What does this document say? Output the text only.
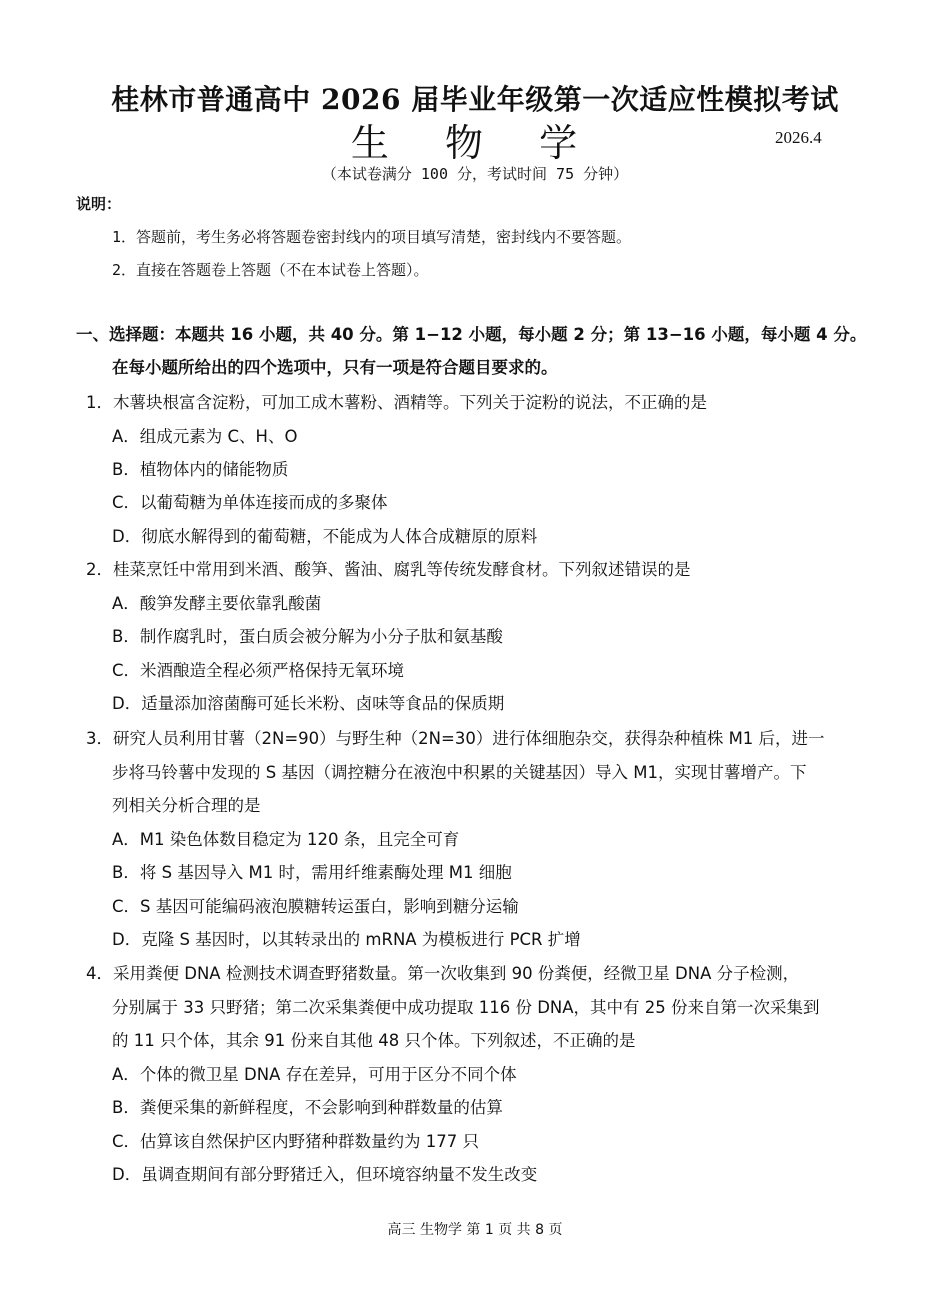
桂林市普通高中 2026 届毕业年级第一次适应性模拟考试
生 物 学	2026.4
（本试卷满分 100 分，考试时间 75 分钟）
说明：
1．答题前，考生务必将答题卷密封线内的项目填写清楚，密封线内不要答题。
2．直接在答题卷上答题（不在本试卷上答题）。
一、选择题：本题共 16 小题，共 40 分。第 1−12 小题，每小题 2 分；第 13−16 小题，每小题 4 分。
在每小题所给出的四个选项中，只有一项是符合题目要求的。
1．木薯块根富含淀粉，可加工成木薯粉、酒精等。下列关于淀粉的说法，不正确的是
A．组成元素为 C、H、O
B．植物体内的储能物质
C．以葡萄糖为单体连接而成的多聚体
D．彻底水解得到的葡萄糖，不能成为人体合成糖原的原料
2．桂菜烹饪中常用到米酒、酸笋、酱油、腐乳等传统发酵食材。下列叙述错误的是
A．酸笋发酵主要依靠乳酸菌
B．制作腐乳时，蛋白质会被分解为小分子肽和氨基酸
C．米酒酿造全程必须严格保持无氧环境
D．适量添加溶菌酶可延长米粉、卤味等食品的保质期
3．研究人员利用甘薯（2N=90）与野生种（2N=30）进行体细胞杂交，获得杂种植株 M1 后，进一
步将马铃薯中发现的 S 基因（调控糖分在液泡中积累的关键基因）导入 M1，实现甘薯增产。下
列相关分析合理的是
A．M1 染色体数目稳定为 120 条，且完全可育
B．将 S 基因导入 M1 时，需用纤维素酶处理 M1 细胞
C．S 基因可能编码液泡膜糖转运蛋白，影响到糖分运输
D．克隆 S 基因时，以其转录出的 mRNA 为模板进行 PCR 扩增
4．采用粪便 DNA 检测技术调查野猪数量。第一次收集到 90 份粪便，经微卫星 DNA 分子检测，
分别属于 33 只野猪；第二次采集粪便中成功提取 116 份 DNA，其中有 25 份来自第一次采集到
的 11 只个体，其余 91 份来自其他 48 只个体。下列叙述，不正确的是
A．个体的微卫星 DNA 存在差异，可用于区分不同个体
B．粪便采集的新鲜程度，不会影响到种群数量的估算
C．估算该自然保护区内野猪种群数量约为 177 只
D．虽调查期间有部分野猪迁入，但环境容纳量不发生改变
高三 生物学 第 1 页 共 8 页
